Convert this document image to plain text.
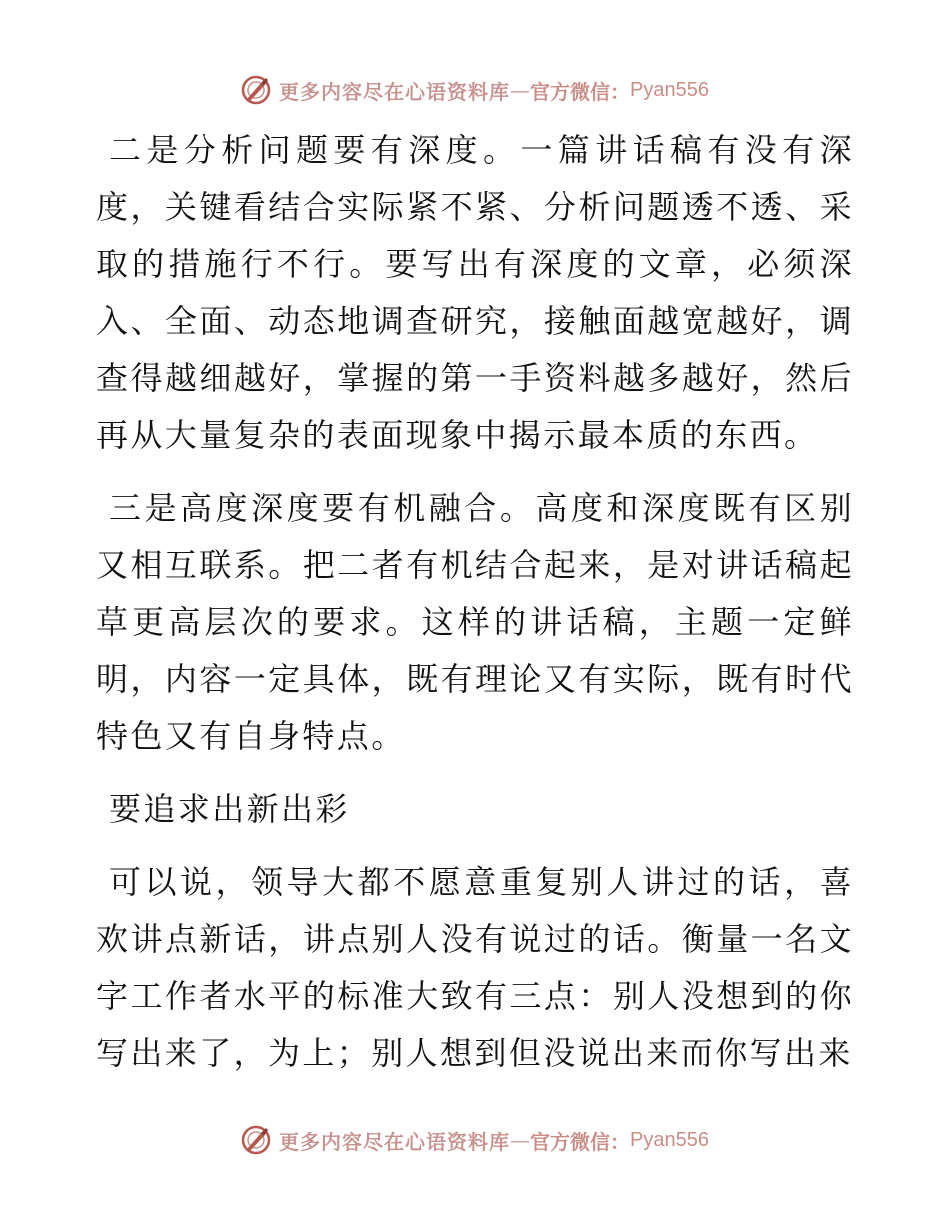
更多内容尽在心语资料库 — 官方微信： Pyan556

二是分析问题要有深度。一篇讲话稿有没有深度，关键看结合实际紧不紧、分析问题透不透、采取的措施行不行。要写出有深度的文章，必须深入、全面、动态地调查研究，接触面越宽越好，调查得越细越好，掌握的第一手资料越多越好，然后再从大量复杂的表面现象中揭示最本质的东西。

三是高度深度要有机融合。高度和深度既有区别又相互联系。把二者有机结合起来，是对讲话稿起草更高层次的要求。这样的讲话稿，主题一定鲜明，内容一定具体，既有理论又有实际，既有时代特色又有自身特点。

要追求出新出彩

可以说，领导大都不愿意重复别人讲过的话，喜欢讲点新话，讲点别人没有说过的话。衡量一名文字工作者水平的标准大致有三点：别人没想到的你写出来了，为上；别人想到但没说出来而你写出来

更多内容尽在心语资料库 — 官方微信： Pyan556
